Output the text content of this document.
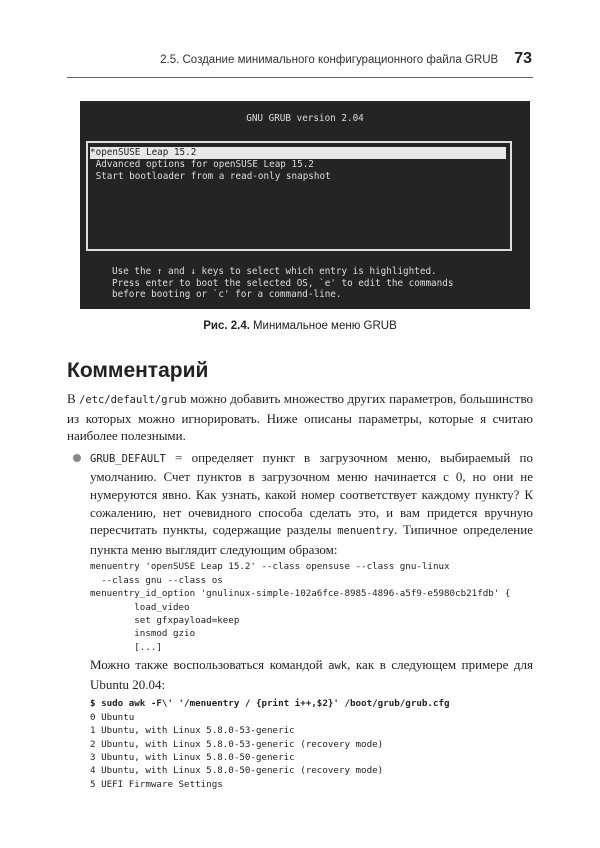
2.5. Создание минимального конфигурационного файла GRUB 73
GNU GRUB version 2.04
*openSUSE Leap 15.2
Advanced options for openSUSE Leap 15.2
Start bootloader from a read-only snapshot
Use the ↑ and ↓ keys to select which entry is highlighted.
Press enter to boot the selected OS, `e' to edit the commands
before booting or `c' for a command-line.
Рис. 2.4. Минимальное меню GRUB
Комментарий

В /etc/default/grub можно добавить множество других параметров, большинство из которых можно игнорировать. Ниже описаны параметры, которые я считаю наиболее полезными.

GRUB_DEFAULT = определяет пункт в загрузочном меню, выбираемый по умолчанию. Счет пунктов в загрузочном меню начинается с 0, но они не нумеруются явно. Как узнать, какой номер соответствует каждому пункту? К сожалению, нет очевидного способа сделать это, и вам придется вручную пересчитать пункты, содержащие разделы menuentry. Типичное определение пункта меню выглядит следующим образом:

menuentry 'openSUSE Leap 15.2' --class opensuse --class gnu-linux
--class gnu --class os
menuentry_id_option 'gnulinux-simple-102a6fce-8985-4896-a5f9-e5980cb21fdb' {
load_video
set gfxpayload=keep
insmod gzio
[...]

Можно также воспользоваться командой awk, как в следующем примере для Ubuntu 20.04:

$ sudo awk -F\' '/menuentry / {print i++,$2}' /boot/grub/grub.cfg
0 Ubuntu
1 Ubuntu, with Linux 5.8.0-53-generic
2 Ubuntu, with Linux 5.8.0-53-generic (recovery mode)
3 Ubuntu, with Linux 5.8.0-50-generic
4 Ubuntu, with Linux 5.8.0-50-generic (recovery mode)
5 UEFI Firmware Settings
